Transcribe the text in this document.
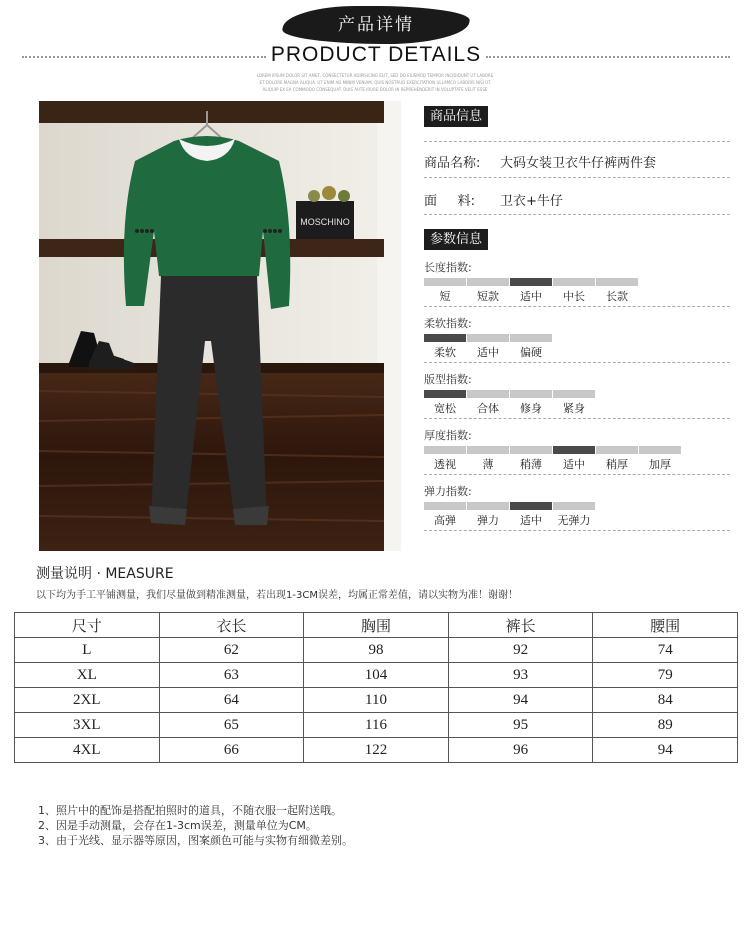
产品详情
PRODUCT DETAILS
LOREM IPSUM DOLOR SIT AMET, CONSECTETUR ADIPISICING ELIT, SED DO EIUSMOD TEMPOR INCIDIDUNT UT LABORE
ET DOLORE MAGNA ALIQUA. UT ENIM AD MINIM VENIAM, QUIS NOSTRUD EXERCITATION ULLAMCO LABORIS NISI UT
ALIQUIP EX EA COMMODO CONSEQUAT. DUIS AUTE IRURE DOLOR IN REPREHENDERIT IN VOLUPTATE VELIT ESSE
MOSCHINO
商品信息
商品名称: 大码女装卫衣牛仔裤两件套
面     料: 卫衣+牛仔
参数信息
长度指数:
短	短款	适中	中长	长款
柔软指数:
柔软	适中	偏硬
版型指数:
宽松	合体	修身	紧身
厚度指数:
透视	薄	稍薄	适中	稍厚	加厚
弹力指数:
高弹	弹力	适中	无弹力
测量说明 · MEASURE
以下均为手工平铺测量，我们尽量做到精准测量，若出现1-3CM误差，均属正常差值，请以实物为准！谢谢！
尺寸	衣长	胸围	裤长	腰围
L	62	98	92	74
XL	63	104	93	79
2XL	64	110	94	84
3XL	65	116	95	89
4XL	66	122	96	94
1、照片中的配饰是搭配拍照时的道具，不随衣服一起附送哦。
2、因是手动测量，会存在1-3cm误差，测量单位为CM。
3、由于光线、显示器等原因，图案颜色可能与实物有细微差别。
